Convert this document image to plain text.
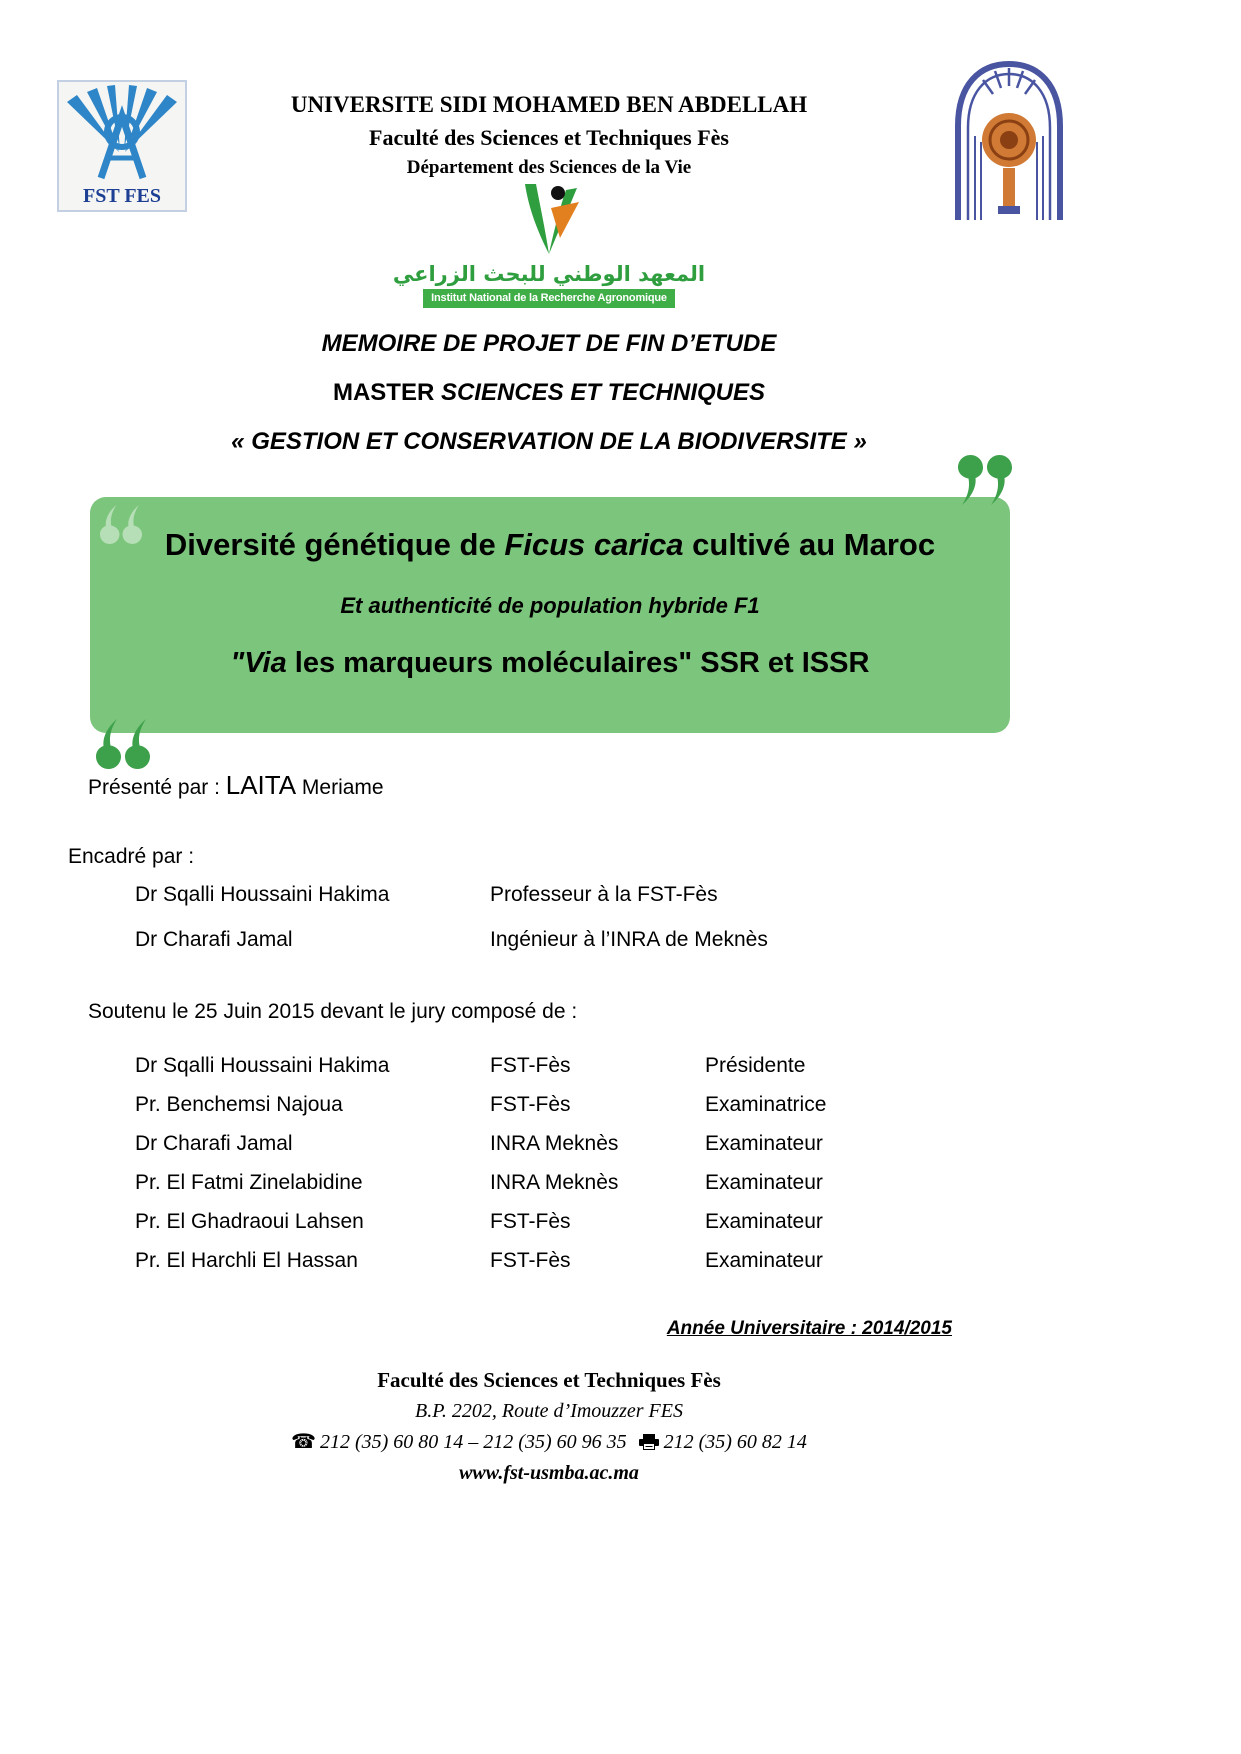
FST FES
UNIVERSITE SIDI MOHAMED BEN ABDELLAH
Faculté des Sciences et Techniques Fès
Département des Sciences de la Vie
المعهد الوطني للبحث الزراعي
Institut National de la Recherche Agronomique

MEMOIRE DE PROJET DE FIN D’ETUDE

MASTER SCIENCES ET TECHNIQUES

« GESTION ET CONSERVATION DE LA BIODIVERSITE »

Diversité génétique de Ficus carica cultivé au Maroc

Et authenticité de population hybride F1

"Via les marqueurs moléculaires" SSR et ISSR

Présenté par : LAITA Meriame
Encadré par :
Dr Sqalli Houssaini Hakima	Professeur à la FST-Fès
Dr Charafi Jamal	Ingénieur à l’INRA de Meknès
Soutenu le 25 Juin 2015 devant le jury composé de :
Dr Sqalli Houssaini Hakima	FST-Fès	Présidente
Pr. Benchemsi Najoua	FST-Fès	Examinatrice
Dr Charafi Jamal	INRA Meknès	Examinateur
Pr. El Fatmi Zinelabidine	INRA Meknès	Examinateur
Pr. El Ghadraoui Lahsen	FST-Fès	Examinateur
Pr. El Harchli El Hassan	FST-Fès	Examinateur
Année Universitaire : 2014/2015

Faculté des Sciences et Techniques Fès

B.P. 2202, Route d’Imouzzer FES

☎ 212 (35) 60 80 14 – 212 (35) 60 96 35 212 (35) 60 82 14

www.fst-usmba.ac.ma
